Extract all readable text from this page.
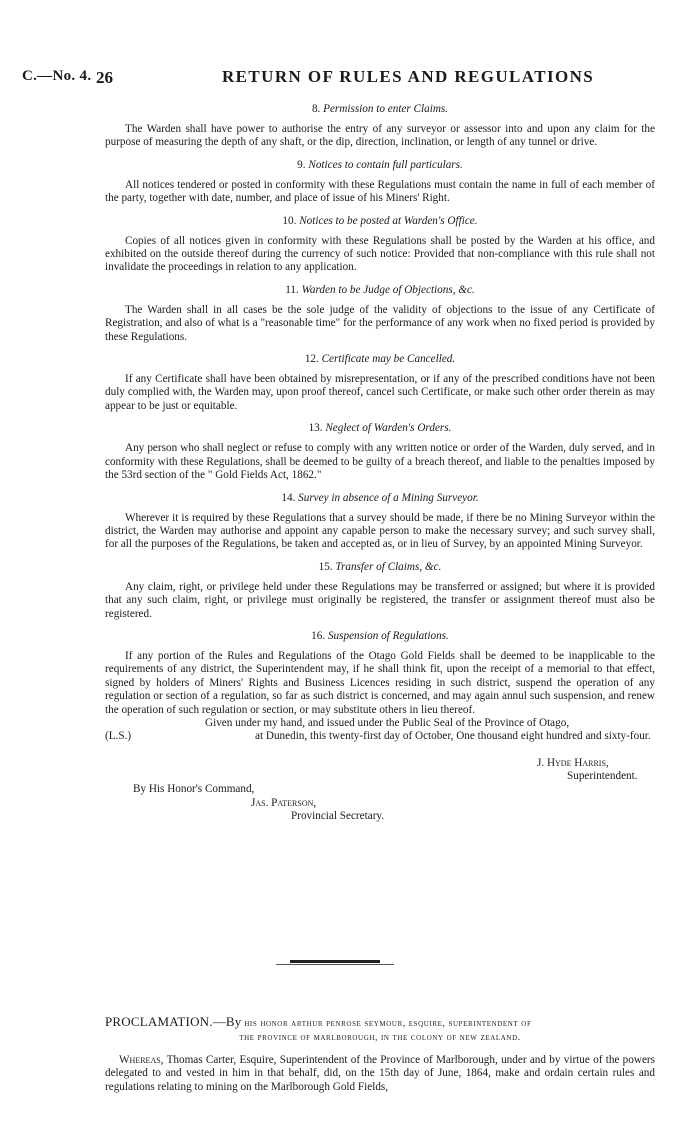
C.—No. 4. 26	RETURN OF RULES AND REGULATIONS

8. Permission to enter Claims.

The Warden shall have power to authorise the entry of any surveyor or assessor into and upon any claim for the purpose of measuring the depth of any shaft, or the dip, direction, inclination, or length of any tunnel or drive.

9. Notices to contain full particulars.

All notices tendered or posted in conformity with these Regulations must contain the name in full of each member of the party, together with date, number, and place of issue of his Miners' Right.

10. Notices to be posted at Warden's Office.

Copies of all notices given in conformity with these Regulations shall be posted by the Warden at his office, and exhibited on the outside thereof during the currency of such notice: Provided that non-compliance with this rule shall not invalidate the proceedings in relation to any application.

11. Warden to be Judge of Objections, &c.

The Warden shall in all cases be the sole judge of the validity of objections to the issue of any Certificate of Registration, and also of what is a "reasonable time" for the performance of any work when no fixed period is provided by these Regulations.

12. Certificate may be Cancelled.

If any Certificate shall have been obtained by misrepresentation, or if any of the prescribed conditions have not been duly complied with, the Warden may, upon proof thereof, cancel such Certificate, or make such other order therein as may appear to be just or equitable.

13. Neglect of Warden's Orders.

Any person who shall neglect or refuse to comply with any written notice or order of the Warden, duly served, and in conformity with these Regulations, shall be deemed to be guilty of a breach thereof, and liable to the penalties imposed by the 53rd section of the " Gold Fields Act, 1862."

14. Survey in absence of a Mining Surveyor.

Wherever it is required by these Regulations that a survey should be made, if there be no Mining Surveyor within the district, the Warden may authorise and appoint any capable person to make the necessary survey; and such survey shall, for all the purposes of the Regulations, be taken and accepted as, or in lieu of Survey, by an appointed Mining Surveyor.

15. Transfer of Claims, &c.

Any claim, right, or privilege held under these Regulations may be transferred or assigned; but where it is provided that any such claim, right, or privilege must originally be registered, the transfer or assignment thereof must also be registered.

16. Suspension of Regulations.

If any portion of the Rules and Regulations of the Otago Gold Fields shall be deemed to be inapplicable to the requirements of any district, the Superintendent may, if he shall think fit, upon the receipt of a memorial to that effect, signed by holders of Miners' Rights and Business Licences residing in such district, suspend the operation of any regulation or section of a regulation, so far as such district is concerned, and may again annul such suspension, and renew the operation of such regulation or section, or may substitute others in lieu thereof.

Given under my hand, and issued under the Public Seal of the Province of Otago,
(L.S.)	at Dunedin, this twenty-first day of October, One thousand eight hundred and sixty-four.
J. Hyde Harris,
Superintendent.
By His Honor's Command,
Jas. Paterson,
Provincial Secretary.
PROCLAMATION.—By his honor arthur penrose seymour, esquire, superintendent of
the province of marlborough, in the colony of new zealand.
Whereas, Thomas Carter, Esquire, Superintendent of the Province of Marlborough, under and by virtue of the powers delegated to and vested in him in that behalf, did, on the 15th day of June, 1864, make and ordain certain rules and regulations relating to mining on the Marlborough Gold Fields,
